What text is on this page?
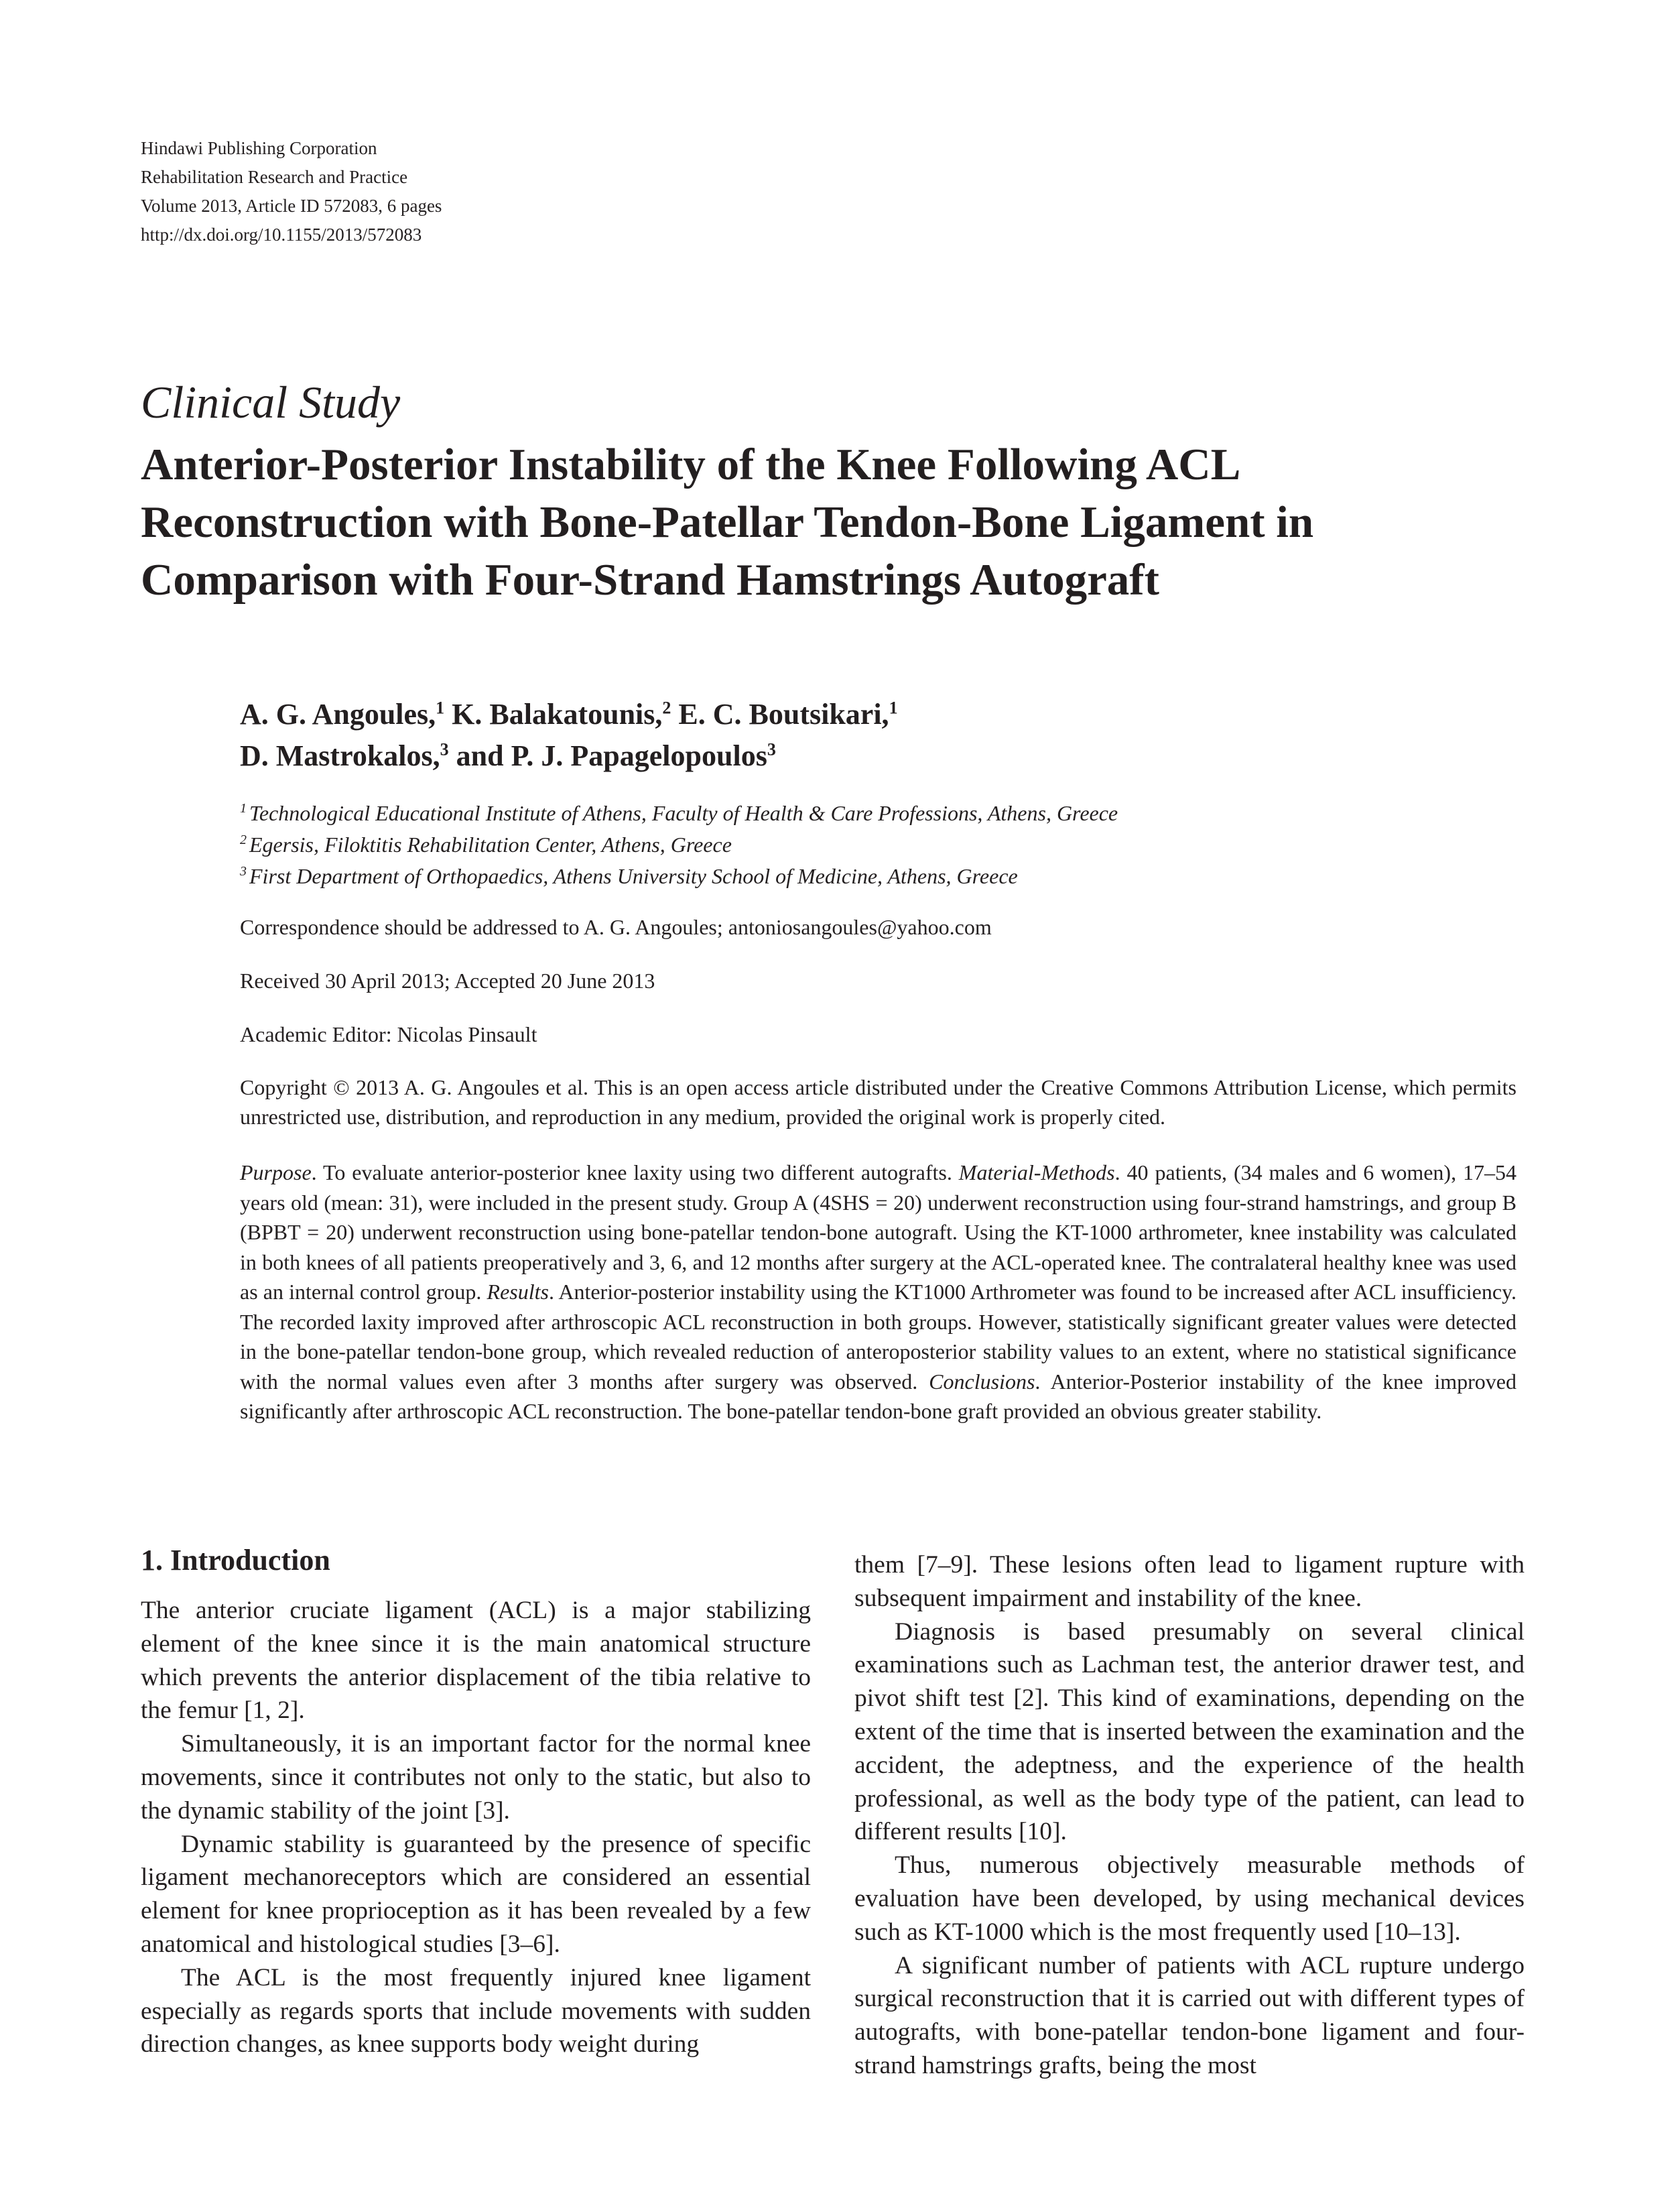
Hindawi Publishing Corporation
Rehabilitation Research and Practice
Volume 2013, Article ID 572083, 6 pages
http://dx.doi.org/10.1155/2013/572083
Clinical Study
Anterior-Posterior Instability of the Knee Following ACL
Reconstruction with Bone-Patellar Tendon-Bone Ligament in
Comparison with Four-Strand Hamstrings Autograft
A. G. Angoules,$^1$ K. Balakatounis,$^2$ E. C. Boutsikari,$^1$
D. Mastrokalos,$^3$ and P. J. Papagelopoulos$^3$
$^1$ Technological Educational Institute of Athens, Faculty of Health & Care Professions, Athens, Greece
$^2$ Egersis, Filoktitis Rehabilitation Center, Athens, Greece
$^3$ First Department of Orthopaedics, Athens University School of Medicine, Athens, Greece
Correspondence should be addressed to A. G. Angoules; antoniosangoules@yahoo.com
Received 30 April 2013; Accepted 20 June 2013
Academic Editor: Nicolas Pinsault
Copyright © 2013 A. G. Angoules et al. This is an open access article distributed under the Creative Commons Attribution License, which permits unrestricted use, distribution, and reproduction in any medium, provided the original work is properly cited.
Purpose. To evaluate anterior-posterior knee laxity using two different autografts. Material-Methods. 40 patients, (34 males and 6 women), 17–54 years old (mean: 31), were included in the present study. Group A (4SHS = 20) underwent reconstruction using four-strand hamstrings, and group B (BPBT = 20) underwent reconstruction using bone-patellar tendon-bone autograft. Using the KT-1000 arthrometer, knee instability was calculated in both knees of all patients preoperatively and 3, 6, and 12 months after surgery at the ACL-operated knee. The contralateral healthy knee was used as an internal control group. Results. Anterior-posterior instability using the KT1000 Arthrometer was found to be increased after ACL insufficiency. The recorded laxity improved after arthroscopic ACL reconstruction in both groups. However, statistically significant greater values were detected in the bone-patellar tendon-bone group, which revealed reduction of anteroposterior stability values to an extent, where no statistical significance with the normal values even after 3 months after surgery was observed. Conclusions. Anterior-Posterior instability of the knee improved significantly after arthroscopic ACL reconstruction. The bone-patellar tendon-bone graft provided an obvious greater stability.
1. Introduction

The anterior cruciate ligament (ACL) is a major stabilizing element of the knee since it is the main anatomical structure which prevents the anterior displacement of the tibia relative to the femur [1, 2].

Simultaneously, it is an important factor for the normal knee movements, since it contributes not only to the static, but also to the dynamic stability of the joint [3].

Dynamic stability is guaranteed by the presence of specific ligament mechanoreceptors which are considered an essential element for knee proprioception as it has been revealed by a few anatomical and histological studies [3–6].

The ACL is the most frequently injured knee ligament especially as regards sports that include movements with sudden direction changes, as knee supports body weight during

them [7–9]. These lesions often lead to ligament rupture with subsequent impairment and instability of the knee.

Diagnosis is based presumably on several clinical examinations such as Lachman test, the anterior drawer test, and pivot shift test [2]. This kind of examinations, depending on the extent of the time that is inserted between the examination and the accident, the adeptness, and the experience of the health professional, as well as the body type of the patient, can lead to different results [10].

Thus, numerous objectively measurable methods of evaluation have been developed, by using mechanical devices such as KT-1000 which is the most frequently used [10–13].

A significant number of patients with ACL rupture undergo surgical reconstruction that it is carried out with different types of autografts, with bone-patellar tendon-bone ligament and four-strand hamstrings grafts, being the most
